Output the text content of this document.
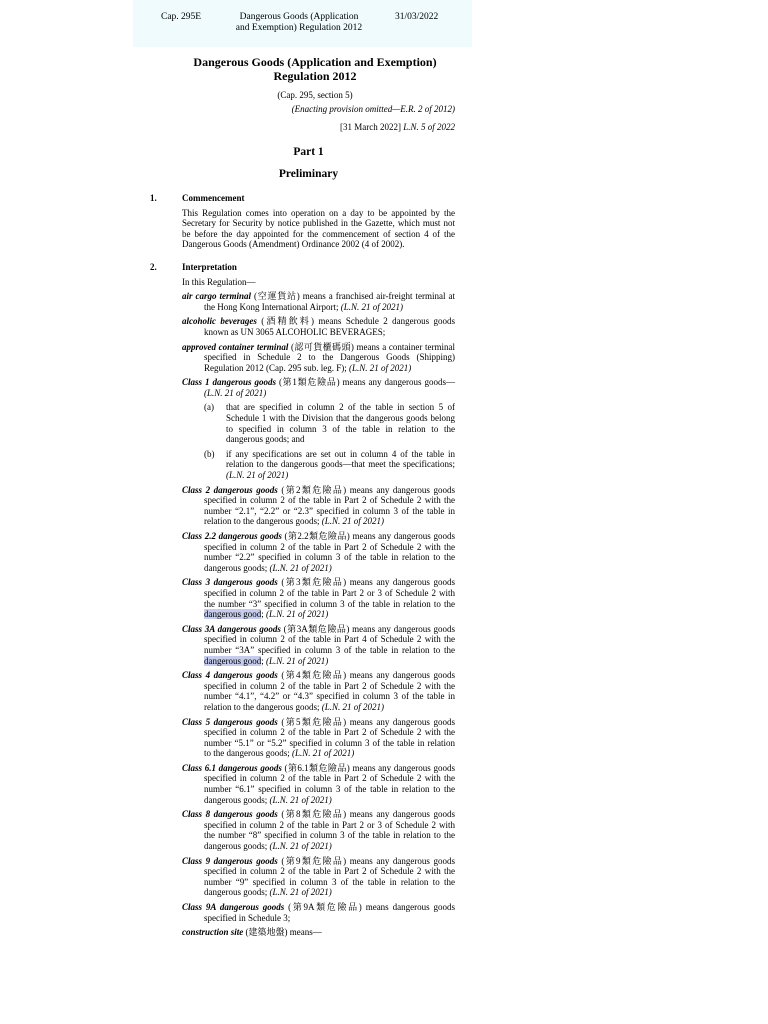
Cap. 295E	Dangerous Goods (Application
and Exemption) Regulation 2012
31/03/2022
Dangerous Goods (Application and Exemption)
Regulation 2012
(Cap. 295, section 5)
(Enacting provision omitted—E.R. 2 of 2012)
[31 March 2022] L.N. 5 of 2022
Part 1
Preliminary
1.	Commencement
This Regulation comes into operation on a day to be appointed by the Secretary for Security by notice published in the Gazette, which must not be before the day appointed for the commencement of section 4 of the Dangerous Goods (Amendment) Ordinance 2002 (4 of 2002).
2.	Interpretation
In this Regulation—
air cargo terminal (空運貨站) means a franchised air-freight terminal at the Hong Kong International Airport; (L.N. 21 of 2021)
alcoholic beverages (酒精飲料) means Schedule 2 dangerous goods known as UN 3065 ALCOHOLIC BEVERAGES;
approved container terminal (認可貨櫃碼頭) means a container terminal specified in Schedule 2 to the Dangerous Goods (Shipping) Regulation 2012 (Cap. 295 sub. leg. F); (L.N. 21 of 2021)
Class 1 dangerous goods (第1類危險品) means any dangerous goods— (L.N. 21 of 2021)
(a) that are specified in column 2 of the table in section 5 of Schedule 1 with the Division that the dangerous goods belong to specified in column 3 of the table in relation to the dangerous goods; and
(b) if any specifications are set out in column 4 of the table in relation to the dangerous goods—that meet the specifications; (L.N. 21 of 2021)
Class 2 dangerous goods (第2類危險品) means any dangerous goods specified in column 2 of the table in Part 2 of Schedule 2 with the number “2.1”, “2.2” or “2.3” specified in column 3 of the table in relation to the dangerous goods; (L.N. 21 of 2021)
Class 2.2 dangerous goods (第2.2類危險品) means any dangerous goods specified in column 2 of the table in Part 2 of Schedule 2 with the number “2.2” specified in column 3 of the table in relation to the dangerous goods; (L.N. 21 of 2021)
Class 3 dangerous goods (第3類危險品) means any dangerous goods specified in column 2 of the table in Part 2 or 3 of Schedule 2 with the number “3” specified in column 3 of the table in relation to the dangerous good; (L.N. 21 of 2021)
Class 3A dangerous goods (第3A類危險品) means any dangerous goods specified in column 2 of the table in Part 4 of Schedule 2 with the number “3A” specified in column 3 of the table in relation to the dangerous good; (L.N. 21 of 2021)
Class 4 dangerous goods (第4類危險品) means any dangerous goods specified in column 2 of the table in Part 2 of Schedule 2 with the number “4.1”, “4.2” or “4.3” specified in column 3 of the table in relation to the dangerous goods; (L.N. 21 of 2021)
Class 5 dangerous goods (第5類危險品) means any dangerous goods specified in column 2 of the table in Part 2 of Schedule 2 with the number “5.1” or “5.2” specified in column 3 of the table in relation to the dangerous goods; (L.N. 21 of 2021)
Class 6.1 dangerous goods (第6.1類危險品) means any dangerous goods specified in column 2 of the table in Part 2 of Schedule 2 with the number “6.1” specified in column 3 of the table in relation to the dangerous goods; (L.N. 21 of 2021)
Class 8 dangerous goods (第8類危險品) means any dangerous goods specified in column 2 of the table in Part 2 or 3 of Schedule 2 with the number “8” specified in column 3 of the table in relation to the dangerous goods; (L.N. 21 of 2021)
Class 9 dangerous goods (第9類危險品) means any dangerous goods specified in column 2 of the table in Part 2 of Schedule 2 with the number “9” specified in column 3 of the table in relation to the dangerous goods; (L.N. 21 of 2021)
Class 9A dangerous goods (第9A類危險品) means dangerous goods specified in Schedule 3;
construction site (建築地盤) means—
